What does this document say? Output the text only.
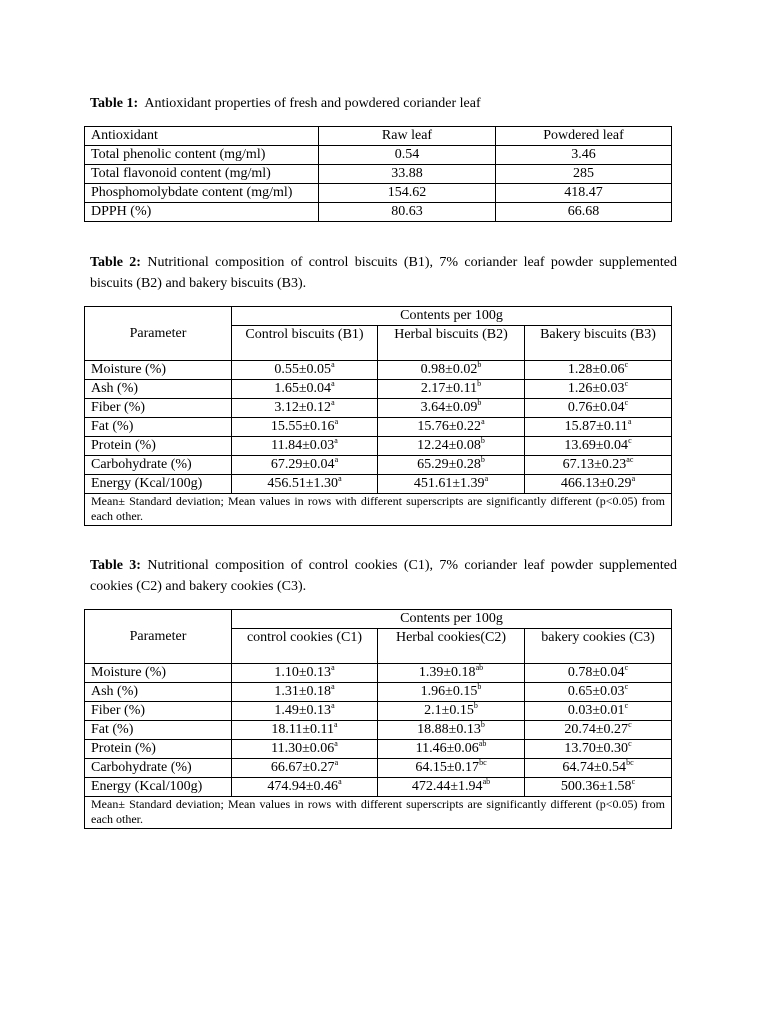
Table 1: Antioxidant properties of fresh and powdered coriander leaf
Antioxidant	Raw leaf	Powdered leaf
Total phenolic content (mg/ml)	0.54	3.46
Total flavonoid content (mg/ml)	33.88	285
Phosphomolybdate content (mg/ml)	154.62	418.47
DPPH (%)	80.63	66.68
Table 2: Nutritional composition of control biscuits (B1), 7% coriander leaf powder supplemented biscuits (B2) and bakery biscuits (B3).
Parameter	Contents per 100g		
	Control biscuits (B1)	Herbal biscuits (B2)	Bakery biscuits (B3)
Moisture (%)	0.55±0.05$^a$	0.98±0.02$^b$	1.28±0.06$^c$
Ash (%)	1.65±0.04$^a$	2.17±0.11$^b$	1.26±0.03$^c$
Fiber (%)	3.12±0.12$^a$	3.64±0.09$^b$	0.76±0.04$^c$
Fat (%)	15.55±0.16$^a$	15.76±0.22$^a$	15.87±0.11$^a$
Protein (%)	11.84±0.03$^a$	12.24±0.08$^b$	13.69±0.04$^c$
Carbohydrate (%)	67.29±0.04$^a$	65.29±0.28$^b$	67.13±0.23$^{ac}$
Energy (Kcal/100g)	456.51±1.30$^a$	451.61±1.39$^a$	466.13±0.29$^a$
Mean± Standard deviation; Mean values in rows with different superscripts are significantly different (p<0.05) from each other.			
Table 3: Nutritional composition of control cookies (C1), 7% coriander leaf powder supplemented cookies (C2) and bakery cookies (C3).
Parameter	Contents per 100g		
	control cookies (C1)	Herbal cookies(C2)	bakery cookies (C3)
Moisture (%)	1.10±0.13$^a$	1.39±0.18$^{ab}$	0.78±0.04$^c$
Ash (%)	1.31±0.18$^a$	1.96±0.15$^b$	0.65±0.03$^c$
Fiber (%)	1.49±0.13$^a$	2.1±0.15$^b$	0.03±0.01$^c$
Fat (%)	18.11±0.11$^a$	18.88±0.13$^b$	20.74±0.27$^c$
Protein (%)	11.30±0.06$^a$	11.46±0.06$^{ab}$	13.70±0.30$^c$
Carbohydrate (%)	66.67±0.27$^a$	64.15±0.17$^{bc}$	64.74±0.54$^{bc}$
Energy (Kcal/100g)	474.94±0.46$^a$	472.44±1.94$^{ab}$	500.36±1.58$^c$
Mean± Standard deviation; Mean values in rows with different superscripts are significantly different (p<0.05) from each other.			
